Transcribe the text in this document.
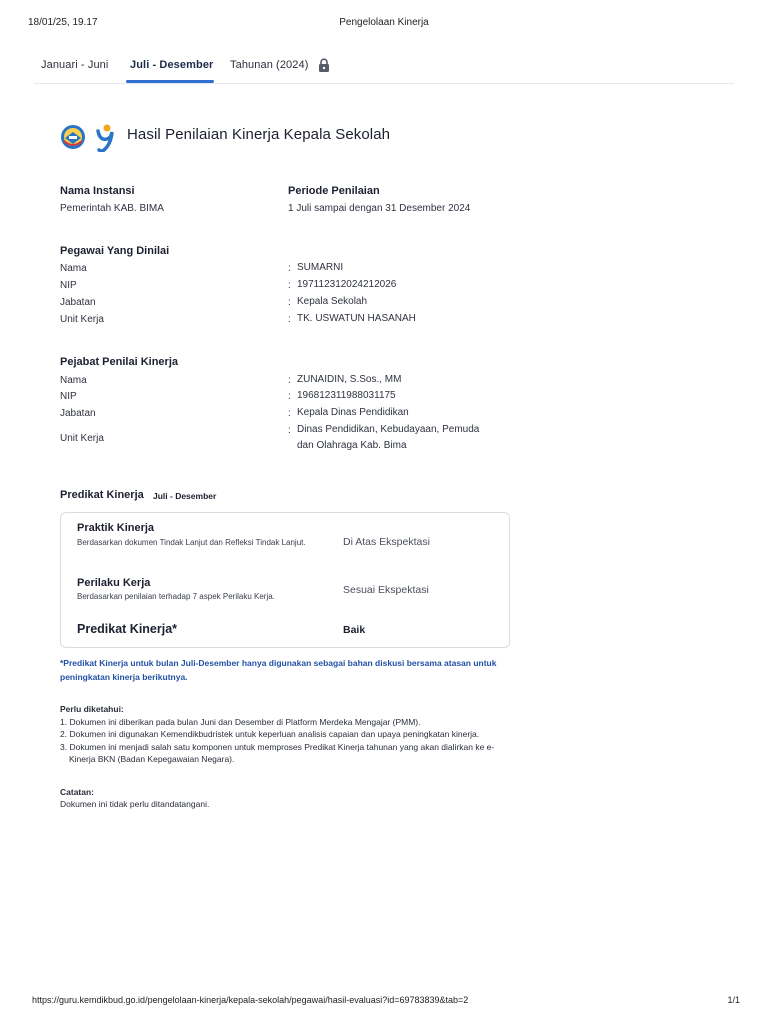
18/01/25, 19.17	Pengelolaan Kinerja
Januari - Juni Juli - Desember Tahunan (2024)
Hasil Penilaian Kinerja Kepala Sekolah
Nama Instansi
Pemerintah KAB. BIMA
Periode Penilaian
1 Juli sampai dengan 31 Desember 2024
Pegawai Yang Dinilai
Nama	: SUMARNI
NIP	: 197112312024212026
Jabatan	: Kepala Sekolah
Unit Kerja	: TK. USWATUN HASANAH
Pejabat Penilai Kinerja
Nama	: ZUNAIDIN, S.Sos., MM
NIP	: 196812311988031175
Jabatan	: Kepala Dinas Pendidikan
Unit Kerja
: Dinas Pendidikan, Kebudayaan, Pemuda
dan Olahraga Kab. Bima
Predikat Kinerja Juli - Desember
Praktik Kinerja
Berdasarkan dokumen Tindak Lanjut dan Refleksi Tindak Lanjut.	Di Atas Ekspektasi
Perilaku Kerja
Berdasarkan penilaian terhadap 7 aspek Perilaku Kerja.
Sesuai Ekspektasi
Predikat Kinerja*	Baik
*Predikat Kinerja untuk bulan Juli-Desember hanya digunakan sebagai bahan diskusi bersama atasan untuk peningkatan kinerja berikutnya.
Perlu diketahui:
1. Dokumen ini diberikan pada bulan Juni dan Desember di Platform Merdeka Mengajar (PMM).
2. Dokumen ini digunakan Kemendikbudristek untuk keperluan analisis capaian dan upaya peningkatan kinerja.
3. Dokumen ini menjadi salah satu komponen untuk memproses Predikat Kinerja tahunan yang akan dialirkan ke e-Kinerja BKN (Badan Kepegawaian Negara).
Catatan:
Dokumen ini tidak perlu ditandatangani.
https://guru.kemdikbud.go.id/pengelolaan-kinerja/kepala-sekolah/pegawai/hasil-evaluasi?id=69783839&tab=2	1/1
